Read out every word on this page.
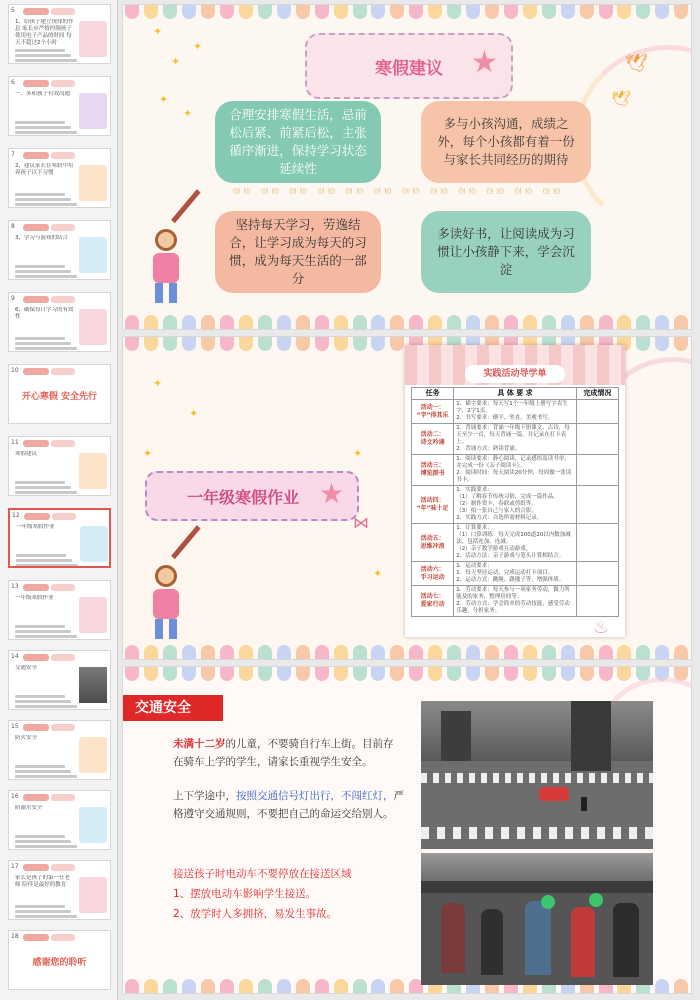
5
1、给孩子建立规律的作息 家长应严格控制孩子使用电子产品的时间 每天不超过2个小时
6
一、多和孩子有效沟通
7
2、建议家长在寒假中培养孩子以下习惯
8
3、学习与游戏的结合
9
6、确保每日学习的有效性
10
开心寒假 安全先行
11
寒假建议
12
一年级寒假作业
13
一年级寒假作业
14
交通安全
15
防火安全
16
防溺水安全
17
家长是孩子的第一任老师 陪伴是最好的教育
18
感谢您的聆听
✦
✦
✦
✦
✦
寒假建议 ★	🕊
🕊
合理安排寒假生活，忌前松后紧、前紧后松，主张循序渐进，保持学习状态延续性
多与小孩沟通，成绩之外，每个小孩都有着一份与家长共同经历的期待
ᘛᘚ ᘛᘚ ᘛᘚ ᘛᘚ ᘛᘚ ᘛᘚ ᘛᘚ ᘛᘚ ᘛᘚ ᘛᘚ ᘛᘚ ᘛᘚ
坚持每天学习，劳逸结合，让学习成为每天的习惯，成为每天生活的一部分
多读好书，让阅读成为习惯让小孩静下来，学会沉淀
✦
✦
✦	✦
✦
一年级寒假作业 ★
⋈
实践活动导学单
任务	具 体 要 求	完成情况
活动一：
“字”得其乐	1．描字要求：每天写1个一年级上册写字表生字，2字1页。
2．书写要求：横平、竖直、美观书写。	
活动二：
诗文吟诵	1．背诵要求：背诵一年级下册课文、古诗，每天至少一首，每天背诵一篇，并记录在打卡表上。
2．背诵方式：熟读背诵。	
活动三：
博览群书	1．阅读要求：静心阅读，记录感悟及读书单，并完成一份《亲子阅读卡》。
2．阅读时间：每天阅读20分钟，每周做一张读书卡。	
活动四：
“年”味十足	1．实践要求：
（1）了解春节传统习俗，完成一篇作品。
（2）制作贺卡，春联或剪纸等。
（3）拍一张自己与家人的合影。
2．实践方式：自选所需材料记录。	
活动五：
思维冲浪	1．计算要求：
（1）口算训练：每天完成100道20以内数加减法，包括连加、连减。
（2）亲子数学游戏互动游戏。
2．活动方法：亲子游戏与笔头计算相结合。	
活动六：
手习运动	1．运动要求：
1．每天坚持运动，完成运动打卡项目。
2．运动方式：跳绳、踢毽子等，增强体质。	
活动七：
爱家行动	1．劳动要求：每天参与一项家务劳动，做力所能及的家务，整理房间等。
2．劳动方式：学会简单的劳动技能，感受劳动乐趣，分担家务。	
♨
交通安全
未满十二岁的儿童，不要骑自行车上街。目前存在骑车上学的学生，请家长重视学生安全。
上下学途中，按照交通信号灯出行，不闯红灯，严格遵守交通规则，不要把自己的命运交给别人。
接送孩子时电动车不要停放在接送区域
1、摆放电动车影响学生接送。
2、放学时人多拥挤，易发生事故。
